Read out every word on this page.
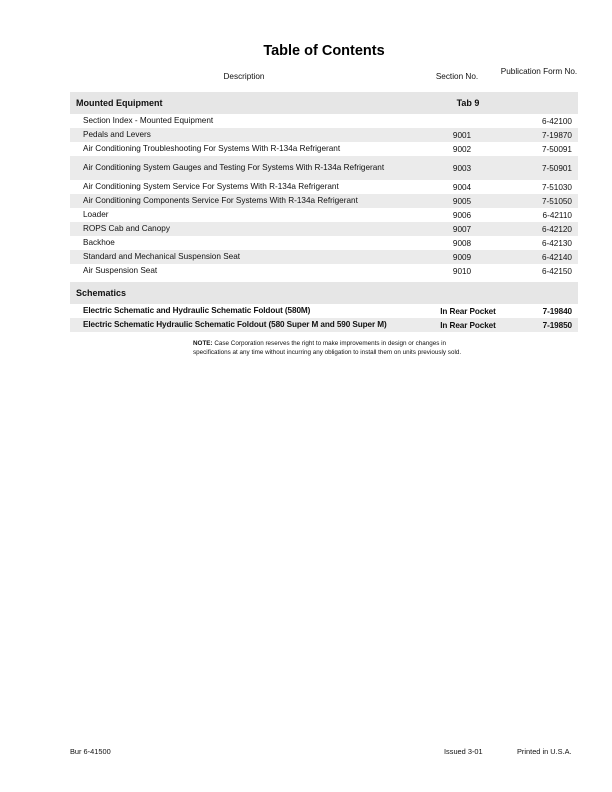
Table of Contents
Description	Section No.
Publication Form No.
Mounted Equipment	Tab 9	
Section Index - Mounted Equipment		6-42100
Pedals and Levers	9001	7-19870
Air Conditioning Troubleshooting For Systems With R-134a Refrigerant	9002	7-50091
Air Conditioning System Gauges and Testing For Systems With R-134a Refrigerant	9003	7-50901
Air Conditioning System Service For Systems With R-134a Refrigerant	9004	7-51030
Air Conditioning Components Service For Systems With R-134a Refrigerant	9005	7-51050
Loader	9006	6-42110
ROPS Cab and Canopy	9007	6-42120
Backhoe	9008	6-42130
Standard and Mechanical Suspension Seat	9009	6-42140
Air Suspension Seat	9010	6-42150

Schematics		
Electric Schematic and Hydraulic Schematic Foldout (580M)	In Rear Pocket	7-19840
Electric Schematic Hydraulic Schematic Foldout (580 Super M and 590 Super M)	In Rear Pocket	7-19850
NOTE: Case Corporation reserves the right to make improvements in design or changes in specifications at any time without incurring any obligation to install them on units previously sold.
Bur 6-41500	Issued 3-01	Printed in U.S.A.
